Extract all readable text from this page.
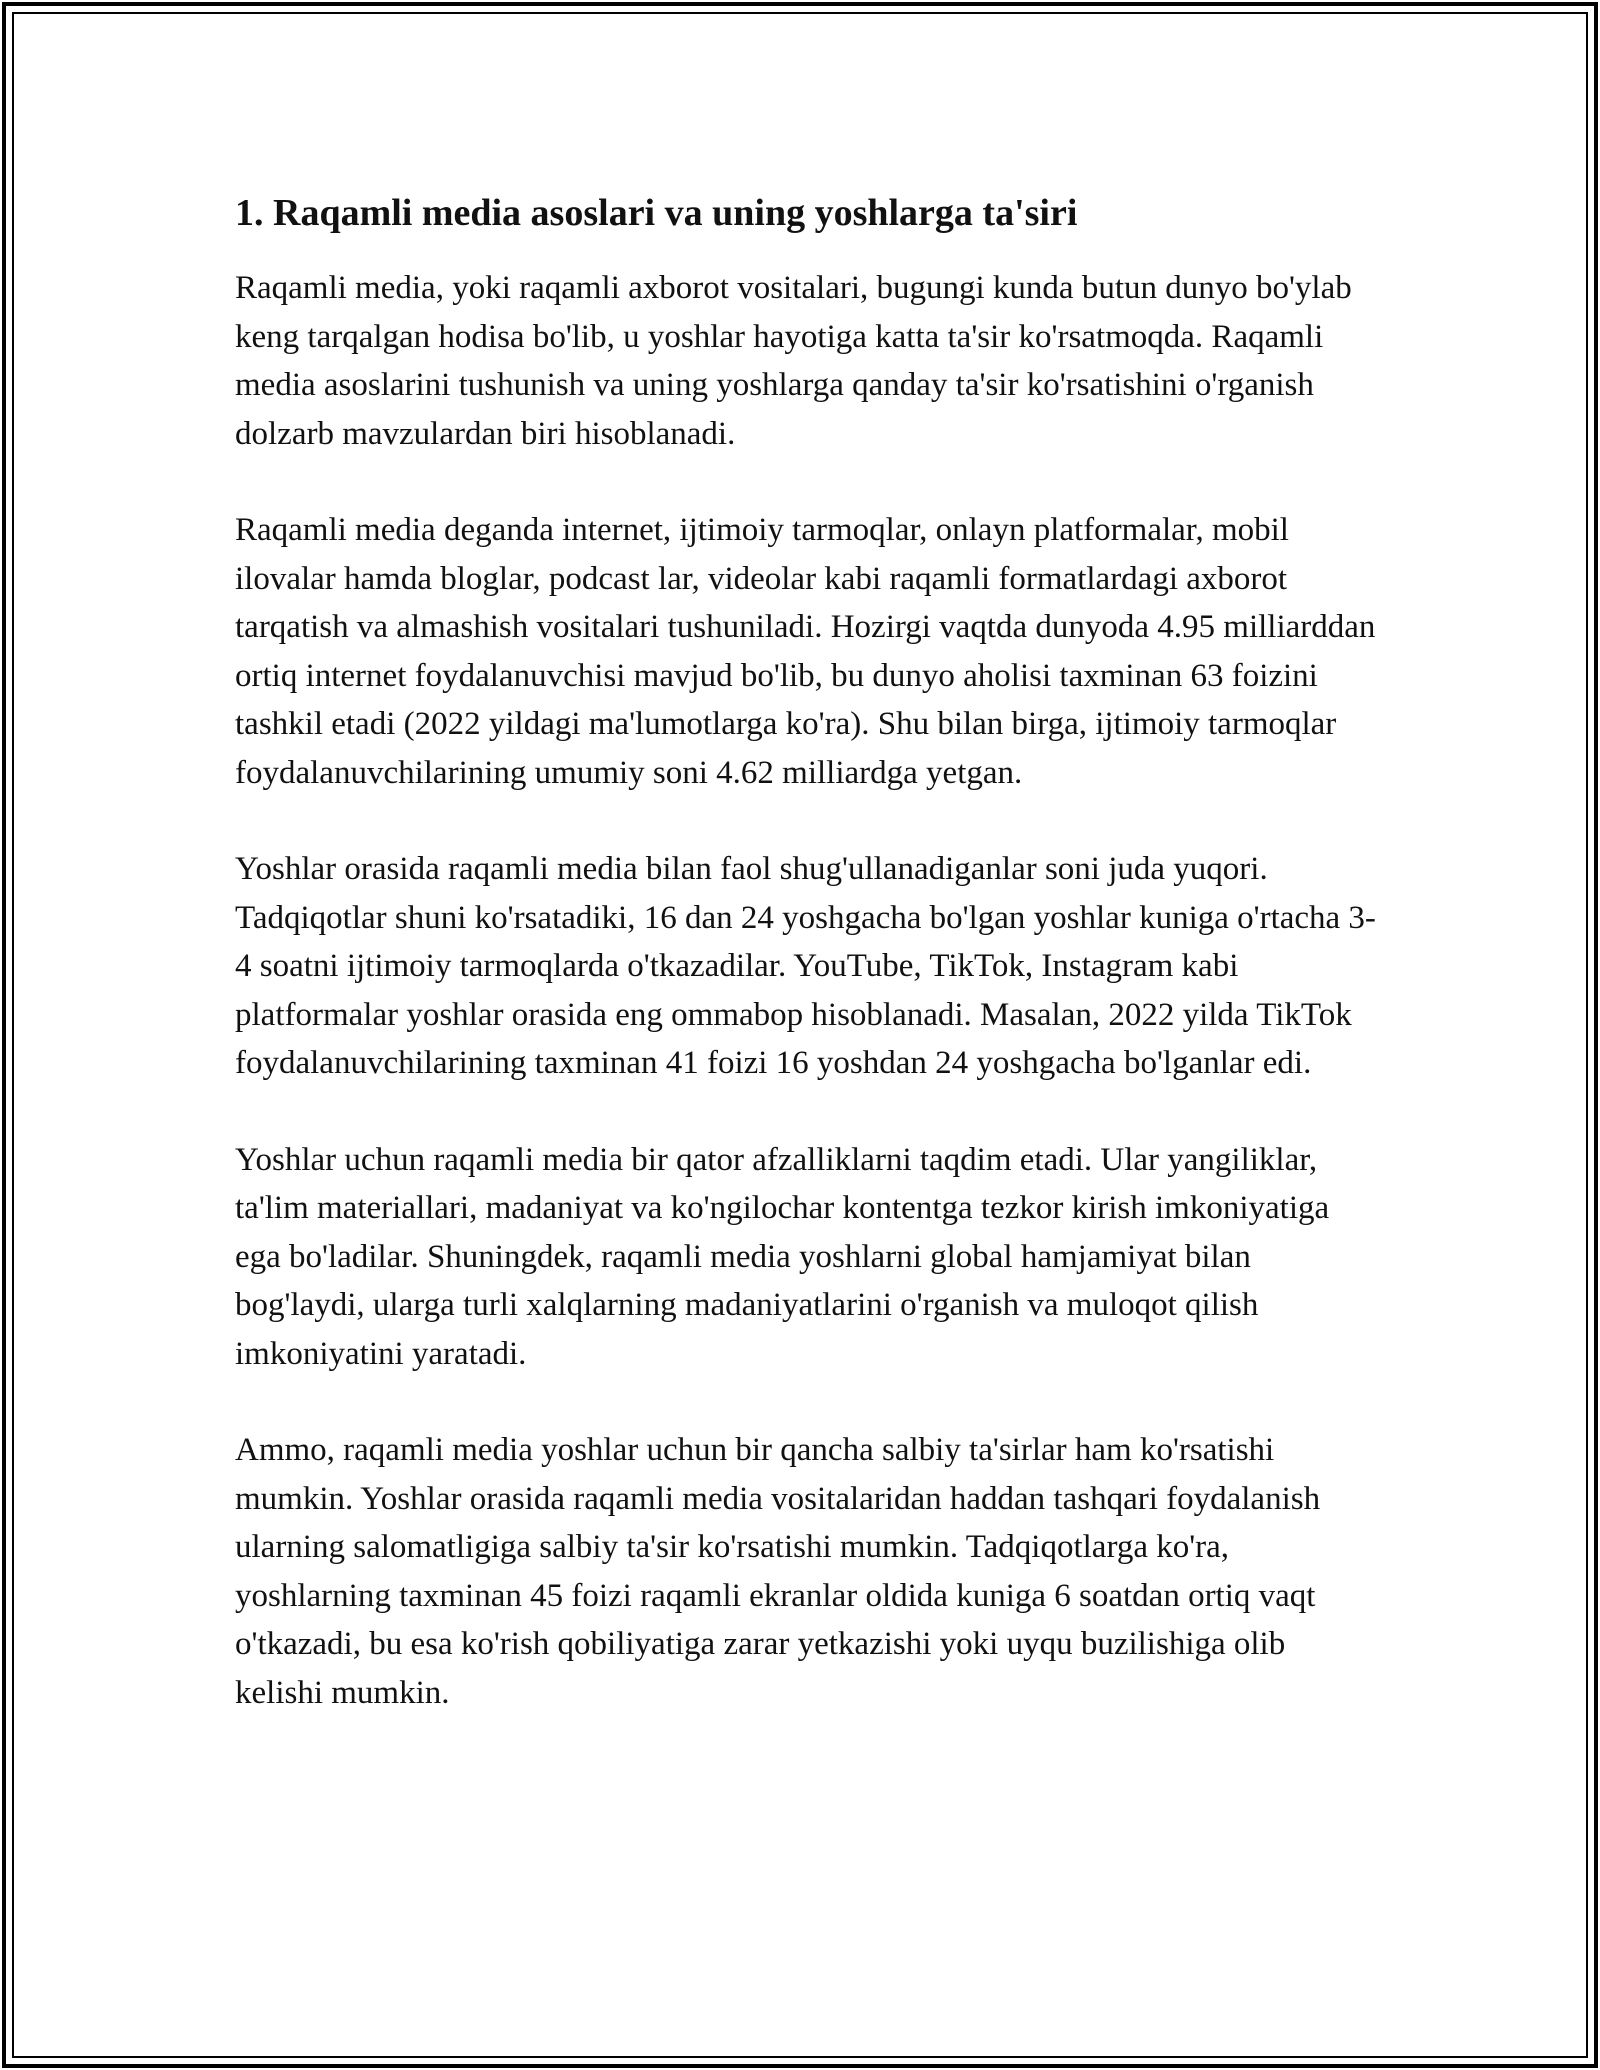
1. Raqamli media asoslari va uning yoshlarga ta'siri

Raqamli media, yoki raqamli axborot vositalari, bugungi kunda butun dunyo bo'ylab keng tarqalgan hodisa bo'lib, u yoshlar hayotiga katta ta'sir ko'rsatmoqda. Raqamli media asoslarini tushunish va uning yoshlarga qanday ta'sir ko'rsatishini o'rganish dolzarb mavzulardan biri hisoblanadi.

Raqamli media deganda internet, ijtimoiy tarmoqlar, onlayn platformalar, mobil ilovalar hamda bloglar, podcast lar, videolar kabi raqamli formatlardagi axborot tarqatish va almashish vositalari tushuniladi. Hozirgi vaqtda dunyoda 4.95 milliarddan ortiq internet foydalanuvchisi mavjud bo'lib, bu dunyo aholisi taxminan 63 foizini tashkil etadi (2022 yildagi ma'lumotlarga ko'ra). Shu bilan birga, ijtimoiy tarmoqlar foydalanuvchilarining umumiy soni 4.62 milliardga yetgan.

Yoshlar orasida raqamli media bilan faol shug'ullanadiganlar soni juda yuqori. Tadqiqotlar shuni ko'rsatadiki, 16 dan 24 yoshgacha bo'lgan yoshlar kuniga o'rtacha 3-4 soatni ijtimoiy tarmoqlarda o'tkazadilar. YouTube, TikTok, Instagram kabi platformalar yoshlar orasida eng ommabop hisoblanadi. Masalan, 2022 yilda TikTok foydalanuvchilarining taxminan 41 foizi 16 yoshdan 24 yoshgacha bo'lganlar edi.

Yoshlar uchun raqamli media bir qator afzalliklarni taqdim etadi. Ular yangiliklar, ta'lim materiallari, madaniyat va ko'ngilochar kontentga tezkor kirish imkoniyatiga ega bo'ladilar. Shuningdek, raqamli media yoshlarni global hamjamiyat bilan bog'laydi, ularga turli xalqlarning madaniyatlarini o'rganish va muloqot qilish imkoniyatini yaratadi.

Ammo, raqamli media yoshlar uchun bir qancha salbiy ta'sirlar ham ko'rsatishi mumkin. Yoshlar orasida raqamli media vositalaridan haddan tashqari foydalanish ularning salomatligiga salbiy ta'sir ko'rsatishi mumkin. Tadqiqotlarga ko'ra, yoshlarning taxminan 45 foizi raqamli ekranlar oldida kuniga 6 soatdan ortiq vaqt o'tkazadi, bu esa ko'rish qobiliyatiga zarar yetkazishi yoki uyqu buzilishiga olib kelishi mumkin.
